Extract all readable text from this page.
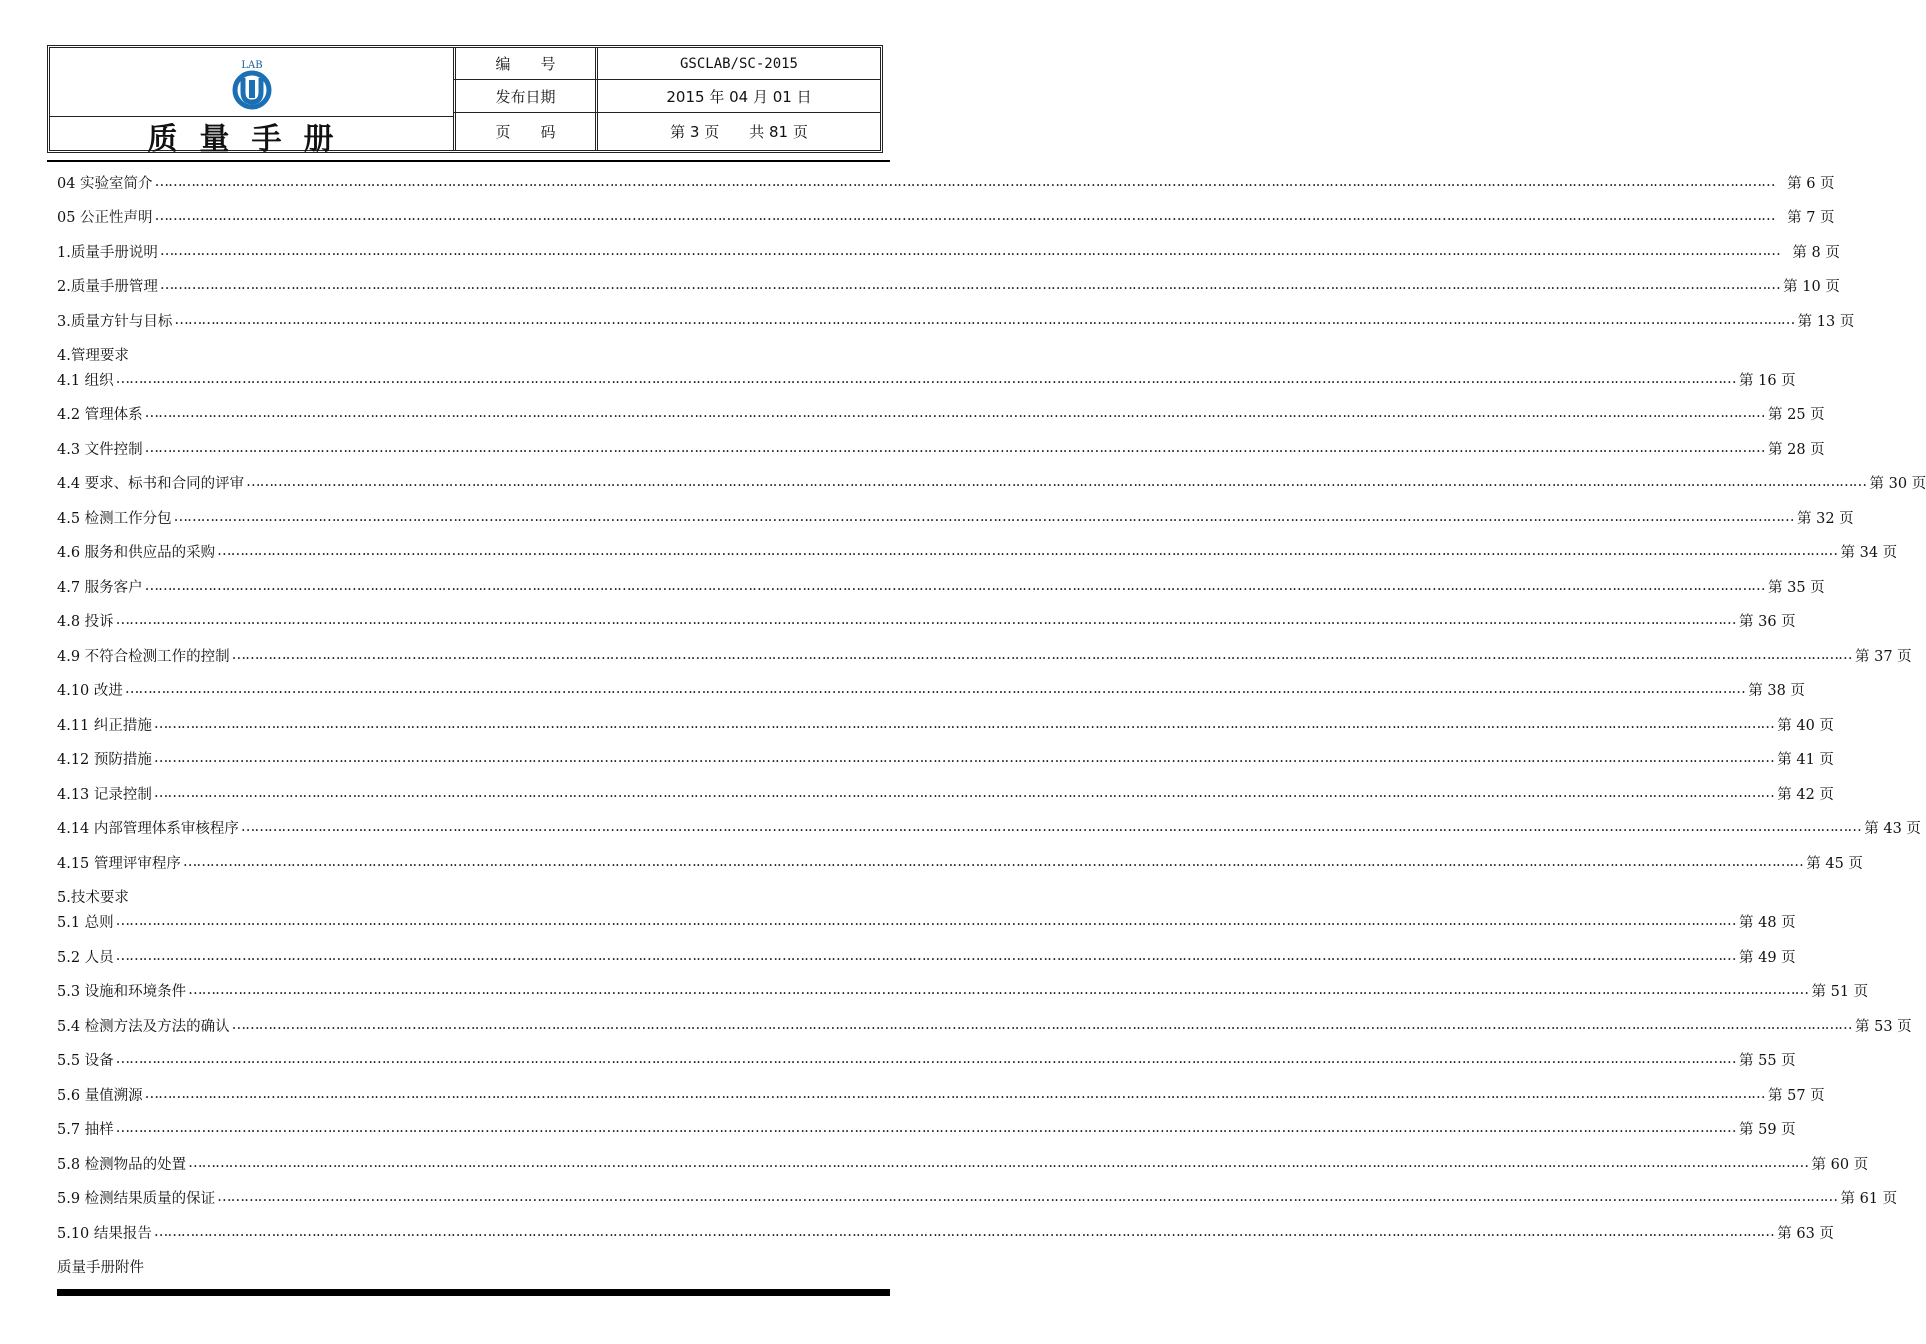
LAB
质量手册
编　　号	GSCLAB/SC-2015
发布日期	2015 年 04 月 01 日
页　　码	第 3 页　　共 81 页
04 实验室简介 ……………………………………………………………………………………………………………………………………………………………………………………………………………………………………………………………………………………………………………………………… 第 6 页
05 公正性声明 ……………………………………………………………………………………………………………………………………………………………………………………………………………………………………………………………………………………………………………………………… 第 7 页
1.质量手册说明 ……………………………………………………………………………………………………………………………………………………………………………………………………………………………………………………………………………………………………………………………… 第 8 页
2.质量手册管理 ……………………………………………………………………………………………………………………………………………………………………………………………………………………………………………………………………………………………………………………………… 第 10 页
3.质量方针与目标 ……………………………………………………………………………………………………………………………………………………………………………………………………………………………………………………………………………………………………………………………… 第 13 页
4.管理要求
4.1 组织 ……………………………………………………………………………………………………………………………………………………………………………………………………………………………………………………………………………………………………………………………… 第 16 页
4.2 管理体系 ……………………………………………………………………………………………………………………………………………………………………………………………………………………………………………………………………………………………………………………………… 第 25 页
4.3 文件控制 ……………………………………………………………………………………………………………………………………………………………………………………………………………………………………………………………………………………………………………………………… 第 28 页
4.4 要求、标书和合同的评审 ……………………………………………………………………………………………………………………………………………………………………………………………………………………………………………………………………………………………………………………………… 第 30 页
4.5 检测工作分包 ……………………………………………………………………………………………………………………………………………………………………………………………………………………………………………………………………………………………………………………………… 第 32 页
4.6 服务和供应品的采购 ……………………………………………………………………………………………………………………………………………………………………………………………………………………………………………………………………………………………………………………………… 第 34 页
4.7 服务客户 ……………………………………………………………………………………………………………………………………………………………………………………………………………………………………………………………………………………………………………………………… 第 35 页
4.8 投诉 ……………………………………………………………………………………………………………………………………………………………………………………………………………………………………………………………………………………………………………………………… 第 36 页
4.9 不符合检测工作的控制 ……………………………………………………………………………………………………………………………………………………………………………………………………………………………………………………………………………………………………………………………… 第 37 页
4.10 改进 ……………………………………………………………………………………………………………………………………………………………………………………………………………………………………………………………………………………………………………………………… 第 38 页
4.11 纠正措施 ……………………………………………………………………………………………………………………………………………………………………………………………………………………………………………………………………………………………………………………………… 第 40 页
4.12 预防措施 ……………………………………………………………………………………………………………………………………………………………………………………………………………………………………………………………………………………………………………………………… 第 41 页
4.13 记录控制 ……………………………………………………………………………………………………………………………………………………………………………………………………………………………………………………………………………………………………………………………… 第 42 页
4.14 内部管理体系审核程序 ……………………………………………………………………………………………………………………………………………………………………………………………………………………………………………………………………………………………………………………………… 第 43 页
4.15 管理评审程序 ……………………………………………………………………………………………………………………………………………………………………………………………………………………………………………………………………………………………………………………………… 第 45 页
5.技术要求
5.1 总则 ……………………………………………………………………………………………………………………………………………………………………………………………………………………………………………………………………………………………………………………………… 第 48 页
5.2 人员 ……………………………………………………………………………………………………………………………………………………………………………………………………………………………………………………………………………………………………………………………… 第 49 页
5.3 设施和环境条件 ……………………………………………………………………………………………………………………………………………………………………………………………………………………………………………………………………………………………………………………………… 第 51 页
5.4 检测方法及方法的确认 ……………………………………………………………………………………………………………………………………………………………………………………………………………………………………………………………………………………………………………………………… 第 53 页
5.5 设备 ……………………………………………………………………………………………………………………………………………………………………………………………………………………………………………………………………………………………………………………………… 第 55 页
5.6 量值溯源 ……………………………………………………………………………………………………………………………………………………………………………………………………………………………………………………………………………………………………………………………… 第 57 页
5.7 抽样 ……………………………………………………………………………………………………………………………………………………………………………………………………………………………………………………………………………………………………………………………… 第 59 页
5.8 检测物品的处置 ……………………………………………………………………………………………………………………………………………………………………………………………………………………………………………………………………………………………………………………………… 第 60 页
5.9 检测结果质量的保证 ……………………………………………………………………………………………………………………………………………………………………………………………………………………………………………………………………………………………………………………………… 第 61 页
5.10 结果报告 ……………………………………………………………………………………………………………………………………………………………………………………………………………………………………………………………………………………………………………………………… 第 63 页
质量手册附件
